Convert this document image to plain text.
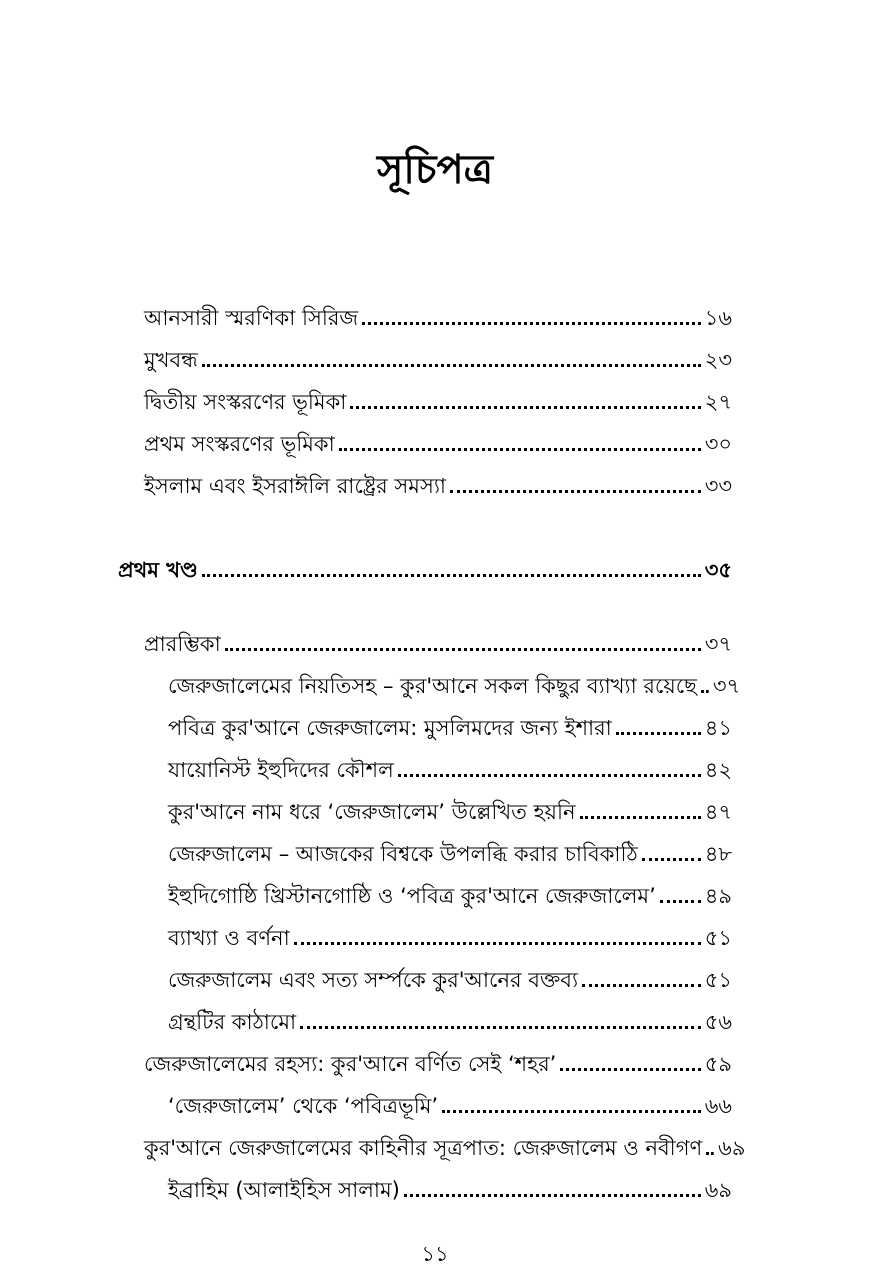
সূচিপত্র
আনসারী স্মরণিকা সিরিজ	১৬
মুখবন্ধ	২৩
দ্বিতীয় সংস্করণের ভূমিকা	২৭
প্রথম সংস্করণের ভূমিকা	৩০
ইসলাম এবং ইসরাঈলি রাষ্ট্রের সমস্যা	৩৩
প্রথম খণ্ড	৩৫
প্রারম্ভিকা	৩৭
জেরুজালেমের নিয়তিসহ – কুর'আনে সকল কিছুর ব্যাখ্যা রয়েছে ৩৭
পবিত্র কুর'আনে জেরুজালেম: মুসলিমদের জন্য ইশারা	৪১
যায়োনিস্ট ইহুদিদের কৌশল	৪২
কুর'আনে নাম ধরে ‘জেরুজালেম’ উল্লেখিত হয়নি	৪৭
জেরুজালেম – আজকের বিশ্বকে উপলব্ধি করার চাবিকাঠি	৪৮
ইহুদিগোষ্ঠি খ্রিস্টানগোষ্ঠি ও ‘পবিত্র কুর'আনে জেরুজালেম’ ৪৯
ব্যাখ্যা ও বর্ণনা	৫১
জেরুজালেম এবং সত্য সর্ম্পকে কুর'আনের বক্তব্য	৫১
গ্রন্থটির কাঠামো	৫৬
জেরুজালেমের রহস্য: কুর'আনে বর্ণিত সেই ‘শহর’	৫৯
‘জেরুজালেম’ থেকে ‘পবিত্রভূমি’	৬৬
কুর'আনে জেরুজালেমের কাহিনীর সূত্রপাত: জেরুজালেম ও নবীগণ ৬৯
ইব্রাহিম (আলাইহিস সালাম)	৬৯
১১
